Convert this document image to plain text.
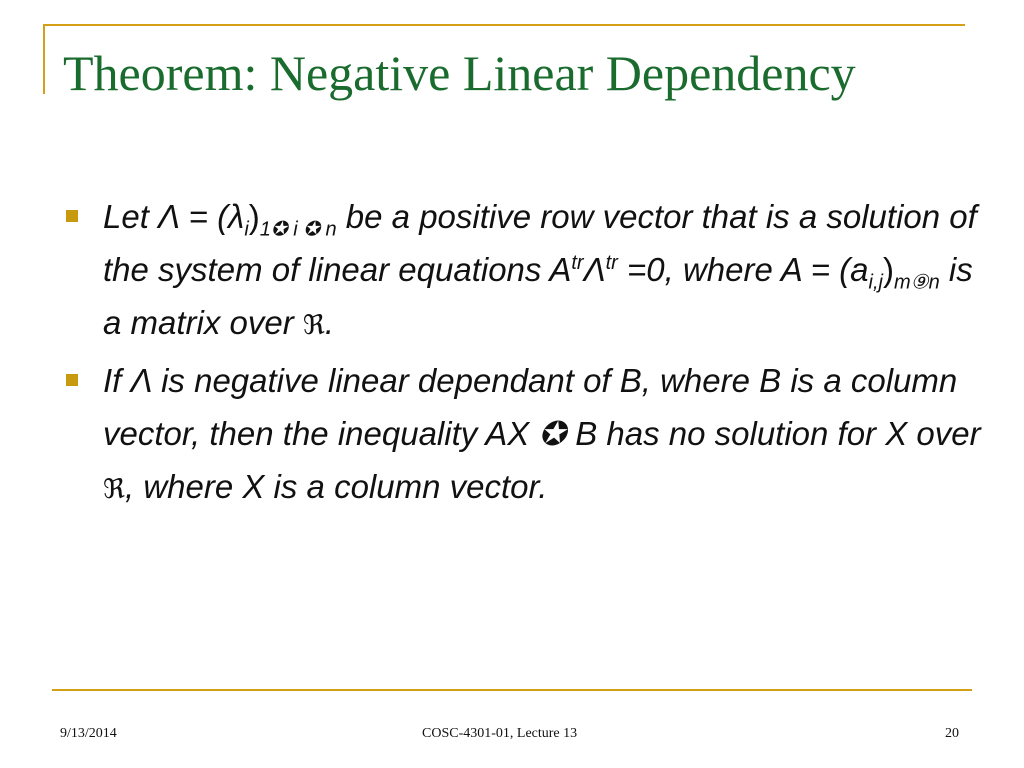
Theorem: Negative Linear Dependency

Let $\Lambda = (\lambda_i)_{1✪ i ✪ n}$ be a positive row vector that is a solution of the system of linear equations $A^{tr}\Lambda^{tr} =0$, where $A = (a_{i,j})_{m⑨n}$ is a matrix over ℜ.

If Λ is negative linear dependant of B, where B is a column vector, then the inequality AX ✪ B has no solution for X over ℜ, where X is a column vector.

9/13/2014	COSC-4301-01, Lecture 13	20
